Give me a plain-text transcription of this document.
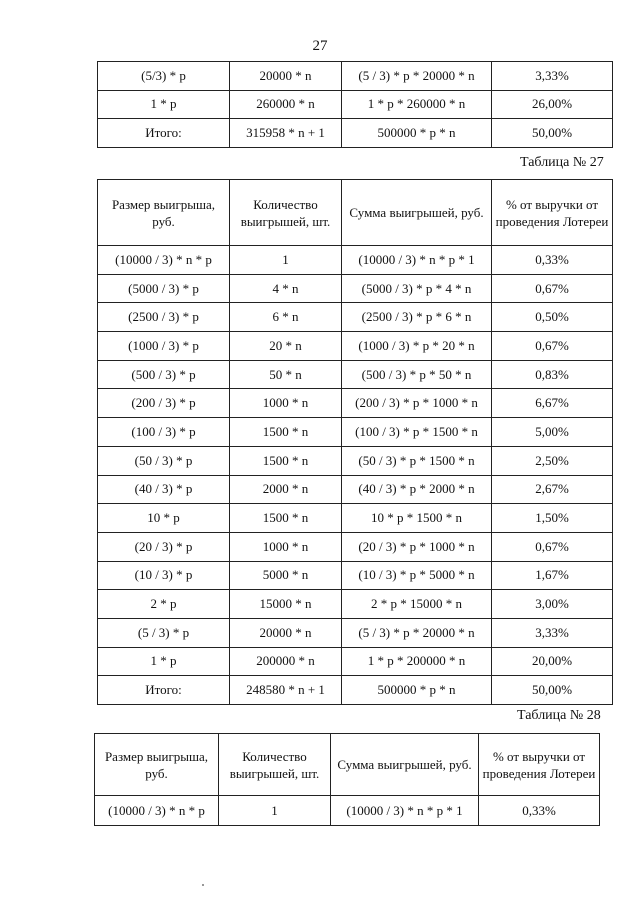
27
(5/3) * p	20000 * n	(5 / 3) * p * 20000 * n	3,33%
1 * p	260000 * n	1 * p * 260000 * n	26,00%
Итого:	315958 * n + 1	500000 * p * n	50,00%
Таблица № 27
Размер выигрыша, руб.	Количество выигрышей, шт.	Сумма выигрышей, руб.	% от выручки от проведения Лотереи
(10000 / 3) * n * p	1	(10000 / 3) * n * p * 1	0,33%
(5000 / 3) * p	4 * n	(5000 / 3) * p * 4 * n	0,67%
(2500 / 3) * p	6 * n	(2500 / 3) * p * 6 * n	0,50%
(1000 / 3) * p	20 * n	(1000 / 3) * p * 20 * n	0,67%
(500 / 3) * p	50 * n	(500 / 3) * p * 50 * n	0,83%
(200 / 3) * p	1000 * n	(200 / 3) * p * 1000 * n	6,67%
(100 / 3) * p	1500 * n	(100 / 3) * p * 1500 * n	5,00%
(50 / 3) * p	1500 * n	(50 / 3) * p * 1500 * n	2,50%
(40 / 3) * p	2000 * n	(40 / 3) * p * 2000 * n	2,67%
10 * p	1500 * n	10 * p * 1500 * n	1,50%
(20 / 3) * p	1000 * n	(20 / 3) * p * 1000 * n	0,67%
(10 / 3) * p	5000 * n	(10 / 3) * p * 5000 * n	1,67%
2 * p	15000 * n	2 * p * 15000 * n	3,00%
(5 / 3) * p	20000 * n	(5 / 3) * p * 20000 * n	3,33%
1 * p	200000 * n	1 * p * 200000 * n	20,00%
Итого:	248580 * n + 1	500000 * p * n	50,00%
Таблица № 28
Размер выигрыша, руб.	Количество выигрышей, шт.	Сумма выигрышей, руб.	% от выручки от проведения Лотереи
(10000 / 3) * n * p	1	(10000 / 3) * n * p * 1	0,33%
